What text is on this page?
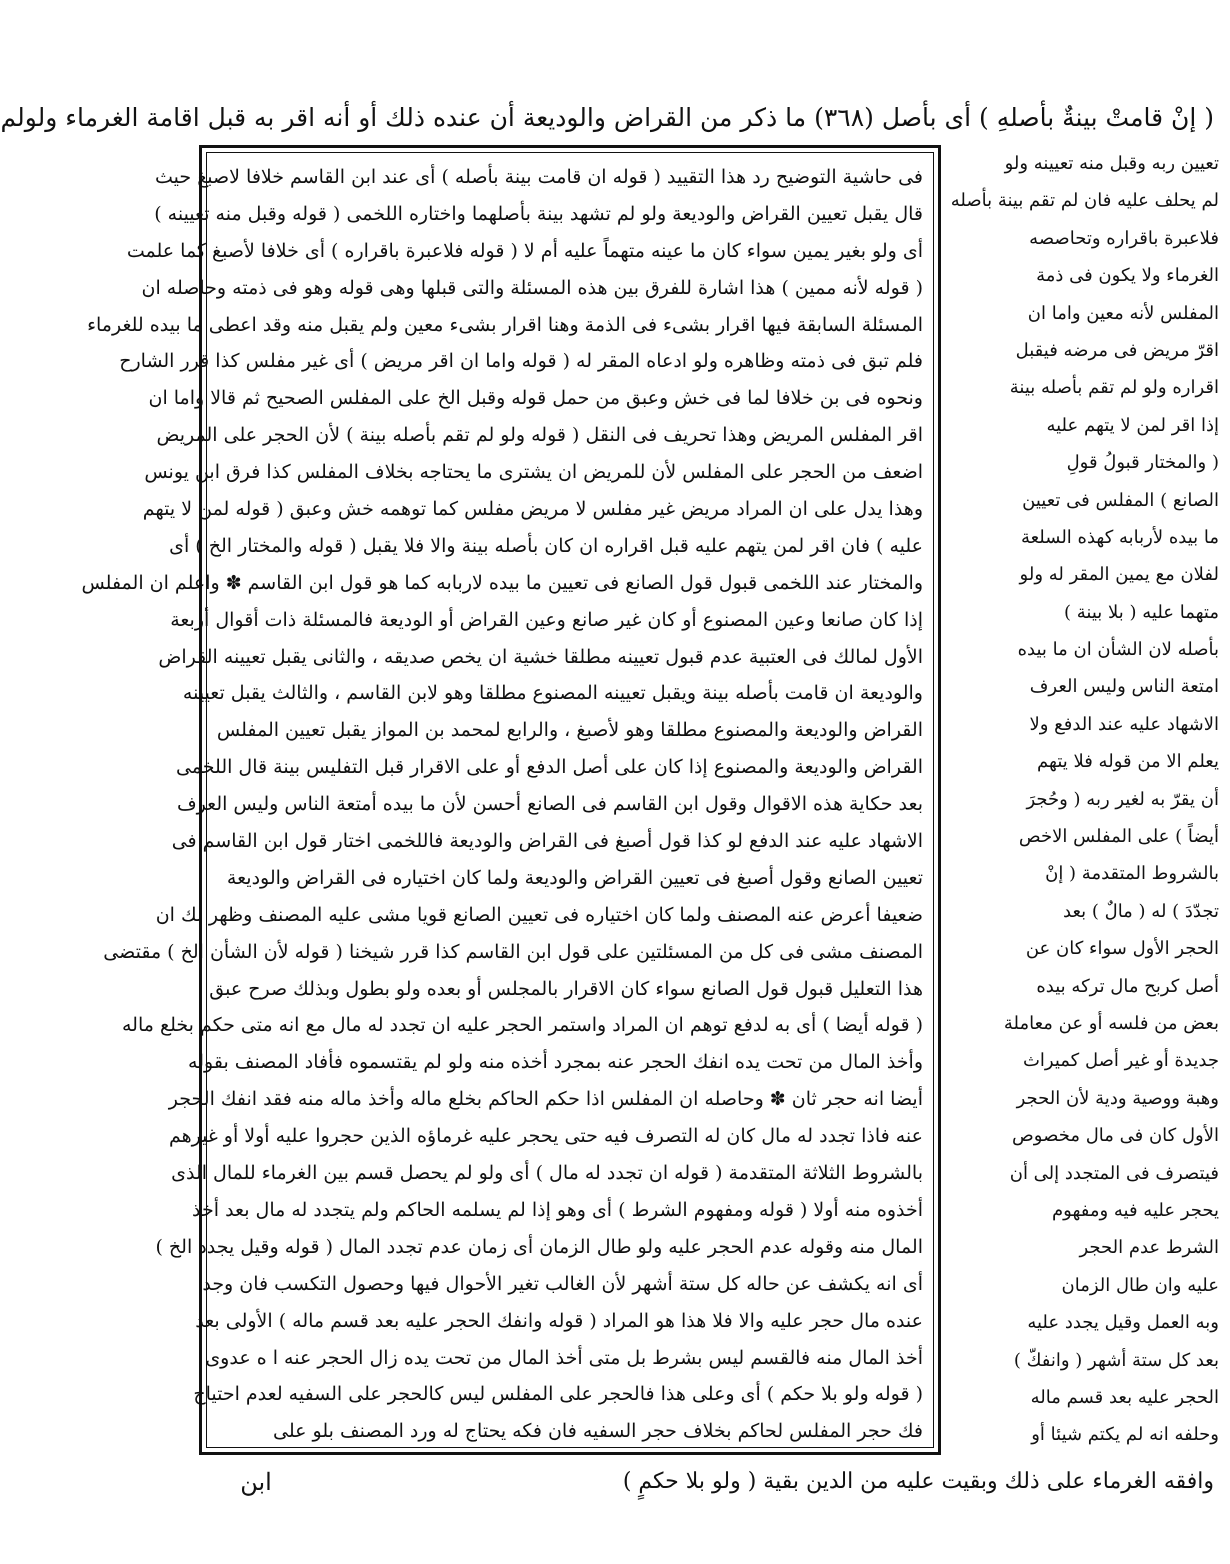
( إنْ قامتْ بينةٌ بأصلهِ ) أى بأصل (٣٦٨) ما ذكر من القراض والوديعة أن عنده ذلك أو أنه اقر به قبل اقامة الغرماء ولولم
فى حاشية التوضيح رد هذا التقييد ( قوله ان قامت بينة بأصله ) أى عند ابن القاسم خلافا لاصبغ حيث
قال يقبل تعيين القراض والوديعة ولو لم تشهد بينة بأصلهما واختاره اللخمى ( قوله وقبل منه تعيينه )
أى ولو بغير يمين سواء كان ما عينه متهماً عليه أم لا ( قوله فلاعبرة باقراره ) أى خلافا لأصبغ كما علمت
( قوله لأنه ممين ) هذا اشارة للفرق بين هذه المسئلة والتى قبلها وهى قوله وهو فى ذمته وحاصله ان
المسئلة السابقة فيها اقرار بشىء فى الذمة وهنا اقرار بشىء معين ولم يقبل منه وقد اعطى ما بيده للغرماء
فلم تبق فى ذمته وظاهره ولو ادعاه المقر له ( قوله واما ان اقر مريض ) أى غير مفلس كذا قرر الشارح
ونحوه فى بن خلافا لما فى خش وعبق من حمل قوله وقبل الخ على المفلس الصحيح ثم قالا واما ان
اقر المفلس المريض وهذا تحريف فى النقل ( قوله ولو لم تقم بأصله بينة ) لأن الحجر على المريض
اضعف من الحجر على المفلس لأن للمريض ان يشترى ما يحتاجه بخلاف المفلس كذا فرق ابن يونس
وهذا يدل على ان المراد مريض غير مفلس لا مريض مفلس كما توهمه خش وعبق ( قوله لمن لا يتهم
عليه ) فان اقر لمن يتهم عليه قبل اقراره ان كان بأصله بينة والا فلا يقبل ( قوله والمختار الخ ) أى
والمختار عند اللخمى قبول قول الصانع فى تعيين ما بيده لاربابه كما هو قول ابن القاسم ✽ واعلم ان المفلس
إذا كان صانعا وعين المصنوع أو كان غير صانع وعين القراض أو الوديعة فالمسئلة ذات أقوال أربعة
الأول لمالك فى العتبية عدم قبول تعيينه مطلقا خشية ان يخص صديقه ، والثانى يقبل تعيينه القراض
والوديعة ان قامت بأصله بينة ويقبل تعيينه المصنوع مطلقا وهو لابن القاسم ، والثالث يقبل تعيينه
القراض والوديعة والمصنوع مطلقا وهو لأصبغ ، والرابع لمحمد بن المواز يقبل تعيين المفلس
القراض والوديعة والمصنوع إذا كان على أصل الدفع أو على الاقرار قبل التفليس بينة قال اللخمى
بعد حكاية هذه الاقوال وقول ابن القاسم فى الصانع أحسن لأن ما بيده أمتعة الناس وليس العرف
الاشهاد عليه عند الدفع لو كذا قول أصبغ فى القراض والوديعة فاللخمى اختار قول ابن القاسم فى
تعيين الصانع وقول أصبغ فى تعيين القراض والوديعة ولما كان اختياره فى القراض والوديعة
ضعيفا أعرض عنه المصنف ولما كان اختياره فى تعيين الصانع قويا مشى عليه المصنف وظهر لك ان
المصنف مشى فى كل من المسئلتين على قول ابن القاسم كذا قرر شيخنا ( قوله لأن الشأن الخ ) مقتضى
هذا التعليل قبول قول الصانع سواء كان الاقرار بالمجلس أو بعده ولو بطول وبذلك صرح عبق
( قوله أيضا ) أى به لدفع توهم ان المراد واستمر الحجر عليه ان تجدد له مال مع انه متى حكم بخلع ماله
وأخذ المال من تحت يده انفك الحجر عنه بمجرد أخذه منه ولو لم يقتسموه فأفاد المصنف بقوله
أيضا انه حجر ثان ✽ وحاصله ان المفلس اذا حكم الحاكم بخلع ماله وأخذ ماله منه فقد انفك الحجر
عنه فاذا تجدد له مال كان له التصرف فيه حتى يحجر عليه غرماؤه الذين حجروا عليه أولا أو غيرهم
بالشروط الثلاثة المتقدمة ( قوله ان تجدد له مال ) أى ولو لم يحصل قسم بين الغرماء للمال الذى
أخذوه منه أولا ( قوله ومفهوم الشرط ) أى وهو إذا لم يسلمه الحاكم ولم يتجدد له مال بعد أخذ
المال منه وقوله عدم الحجر عليه ولو طال الزمان أى زمان عدم تجدد المال ( قوله وقيل يجدد الخ )
أى انه يكشف عن حاله كل ستة أشهر لأن الغالب تغير الأحوال فيها وحصول التكسب فان وجد
عنده مال حجر عليه والا فلا هذا هو المراد ( قوله وانفك الحجر عليه بعد قسم ماله ) الأولى بعد
أخذ المال منه فالقسم ليس بشرط بل متى أخذ المال من تحت يده زال الحجر عنه ا ه عدوى
( قوله ولو بلا حكم ) أى وعلى هذا فالحجر على المفلس ليس كالحجر على السفيه لعدم احتياج
فك حجر المفلس لحاكم بخلاف حجر السفيه فان فكه يحتاج له ورد المصنف بلو على
تعيين ربه وقبل منه تعيينه ولو
لم يحلف عليه فان لم تقم بينة بأصله
فلاعبرة باقراره وتحاصصه
الغرماء ولا يكون فى ذمة
المفلس لأنه معين واما ان
اقرّ مريض فى مرضه فيقبل
اقراره ولو لم تقم بأصله بينة
إذا اقر لمن لا يتهم عليه
( والمختار قبولُ قولِ
الصانع ) المفلس فى تعيين
ما بيده لأربابه كهذه السلعة
لفلان مع يمين المقر له ولو
متهما عليه ( بلا بينة )
بأصله لان الشأن ان ما بيده
امتعة الناس وليس العرف
الاشهاد عليه عند الدفع ولا
يعلم الا من قوله فلا يتهم
أن يقرّ به لغير ربه ( وحُجرَ
أيضاً ) على المفلس الاخص
بالشروط المتقدمة ( إنْ
تجدّدَ ) له ( مالٌ ) بعد
الحجر الأول سواء كان عن
أصل كربح مال تركه بيده
بعض من فلسه أو عن معاملة
جديدة أو غير أصل كميراث
وهبة ووصية ودية لأن الحجر
الأول كان فى مال مخصوص
فيتصرف فى المتجدد إلى أن
يحجر عليه فيه ومفهوم
الشرط عدم الحجر
عليه وان طال الزمان
وبه العمل وقيل يجدد عليه
بعد كل ستة أشهر ( وانفكّ )
الحجر عليه بعد قسم ماله
وحلفه انه لم يكتم شيئا أو
وافقه الغرماء على ذلك وبقيت عليه من الدين بقية ( ولو بلا حكمٍ )
ابن
